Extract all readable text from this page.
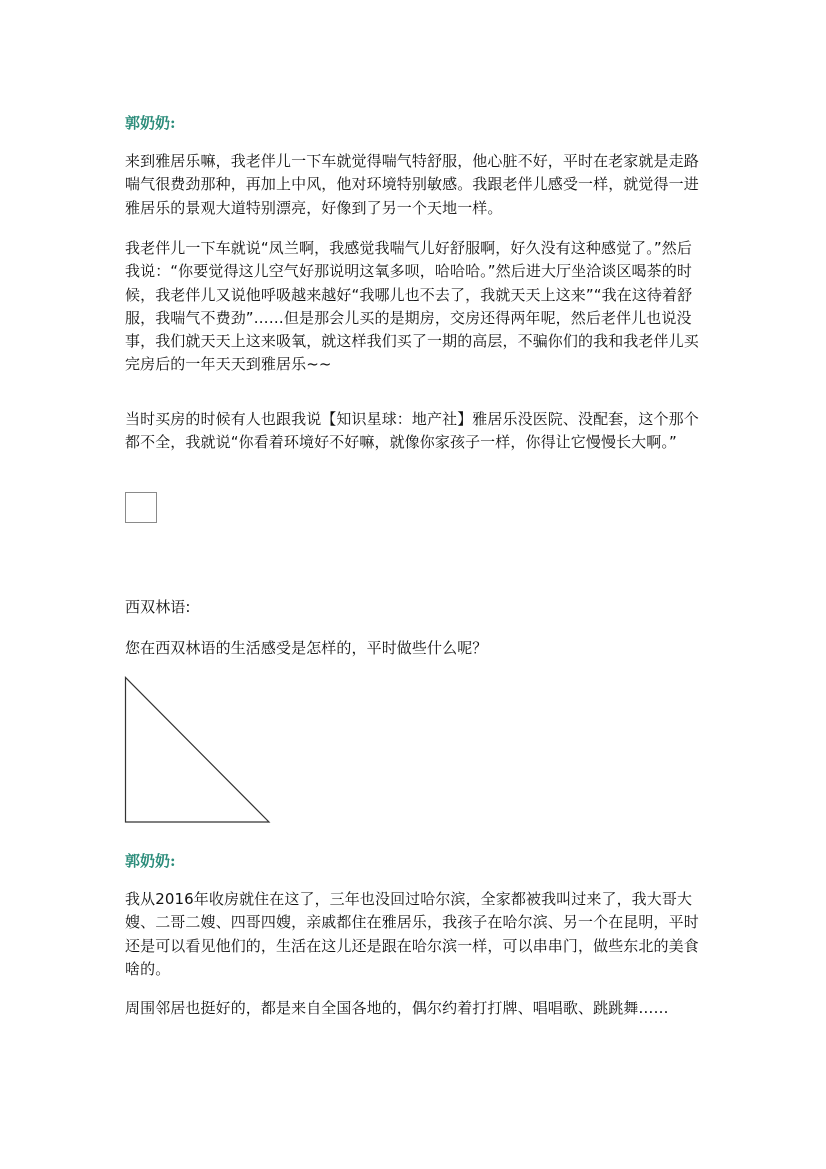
郭奶奶:
来到雅居乐嘛，我老伴儿一下车就觉得喘气特舒服，他心脏不好，平时在老家就是走路喘气很费劲那种，再加上中风，他对环境特别敏感。我跟老伴儿感受一样，就觉得一进雅居乐的景观大道特别漂亮，好像到了另一个天地一样。
我老伴儿一下车就说“凤兰啊，我感觉我喘气儿好舒服啊，好久没有这种感觉了。”然后我说：“你要觉得这儿空气好那说明这氧多呗，哈哈哈。”然后进大厅坐洽谈区喝茶的时候，我老伴儿又说他呼吸越来越好“我哪儿也不去了，我就天天上这来”“我在这待着舒服，我喘气不费劲”……但是那会儿买的是期房，交房还得两年呢，然后老伴儿也说没事，我们就天天上这来吸氧，就这样我们买了一期的高层，不骗你们的我和我老伴儿买完房后的一年天天到雅居乐~~
当时买房的时候有人也跟我说【知识星球：地产社】雅居乐没医院、没配套，这个那个都不全，我就说“你看着环境好不好嘛，就像你家孩子一样，你得让它慢慢长大啊。”
西双林语:
您在西双林语的生活感受是怎样的，平时做些什么呢？
郭奶奶:
我从2016年收房就住在这了，三年也没回过哈尔滨，全家都被我叫过来了，我大哥大嫂、二哥二嫂、四哥四嫂，亲戚都住在雅居乐，我孩子在哈尔滨、另一个在昆明，平时还是可以看见他们的，生活在这儿还是跟在哈尔滨一样，可以串串门，做些东北的美食啥的。
周围邻居也挺好的，都是来自全国各地的，偶尔约着打打牌、唱唱歌、跳跳舞……
